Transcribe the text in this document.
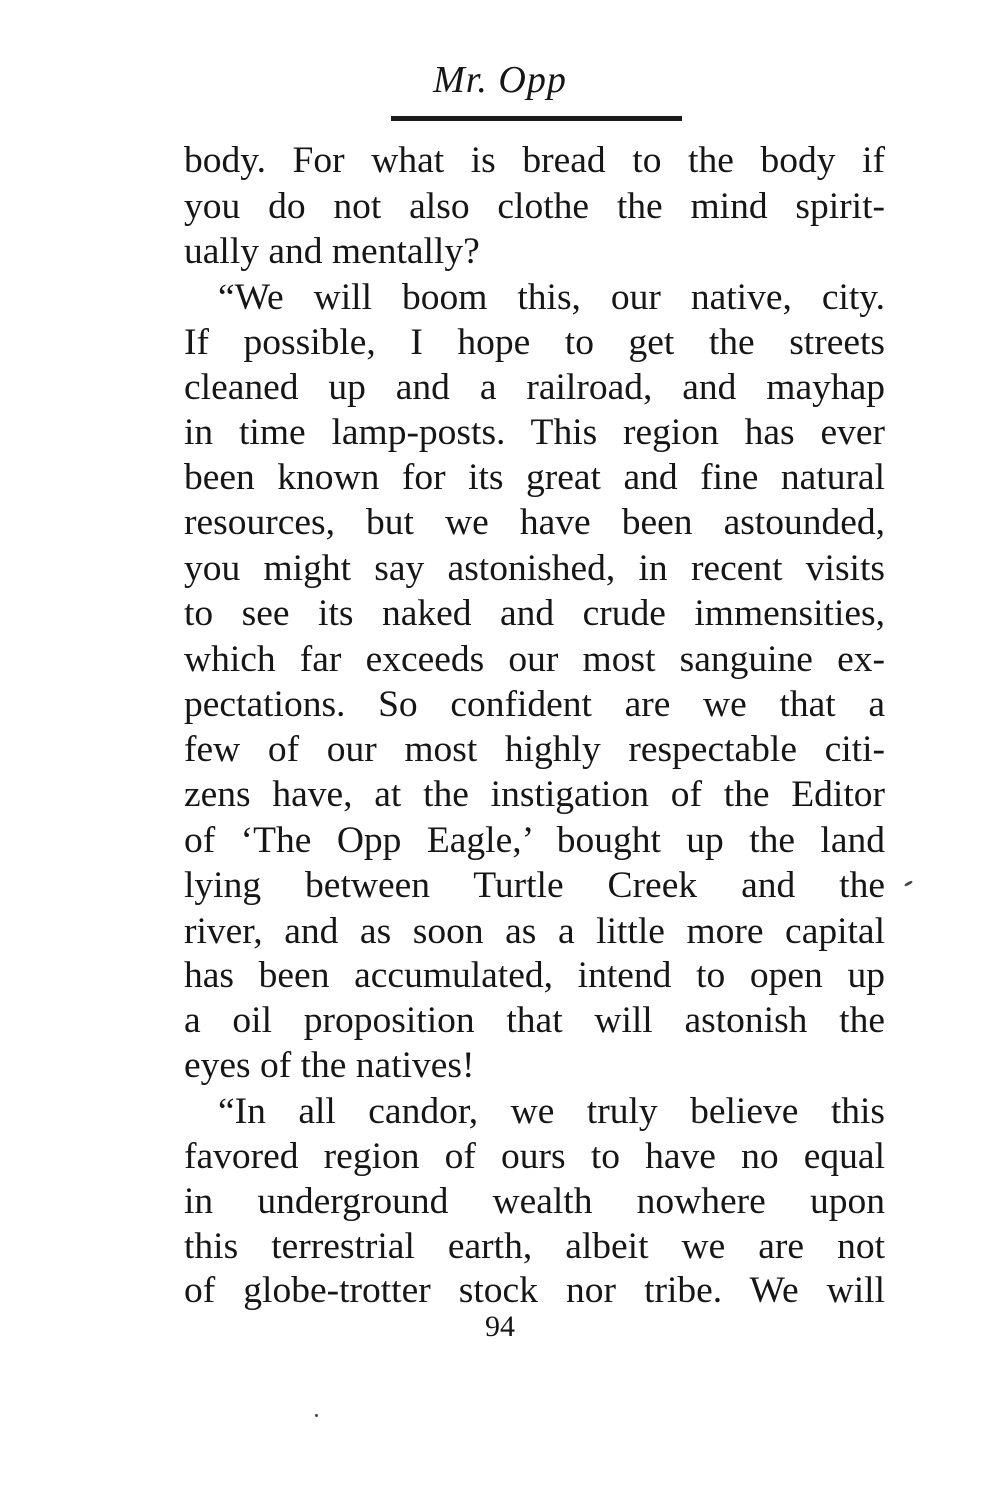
Mr. Opp
body. For what is bread to the body if
you do not also clothe the mind spirit-
ually and mentally?
“We will boom this, our native, city.
If possible, I hope to get the streets
cleaned up and a railroad, and mayhap
in time lamp-posts. This region has ever
been known for its great and fine natural
resources, but we have been astounded,
you might say astonished, in recent visits
to see its naked and crude immensities,
which far exceeds our most sanguine ex-
pectations. So confident are we that a
few of our most highly respectable citi-
zens have, at the instigation of the Editor
of ‘The Opp Eagle,’ bought up the land
lying between Turtle Creek and the
river, and as soon as a little more capital
has been accumulated, intend to open up
a oil proposition that will astonish the
eyes of the natives!
“In all candor, we truly believe this
favored region of ours to have no equal
in underground wealth nowhere upon
this terrestrial earth, albeit we are not
of globe-trotter stock nor tribe. We will
94
